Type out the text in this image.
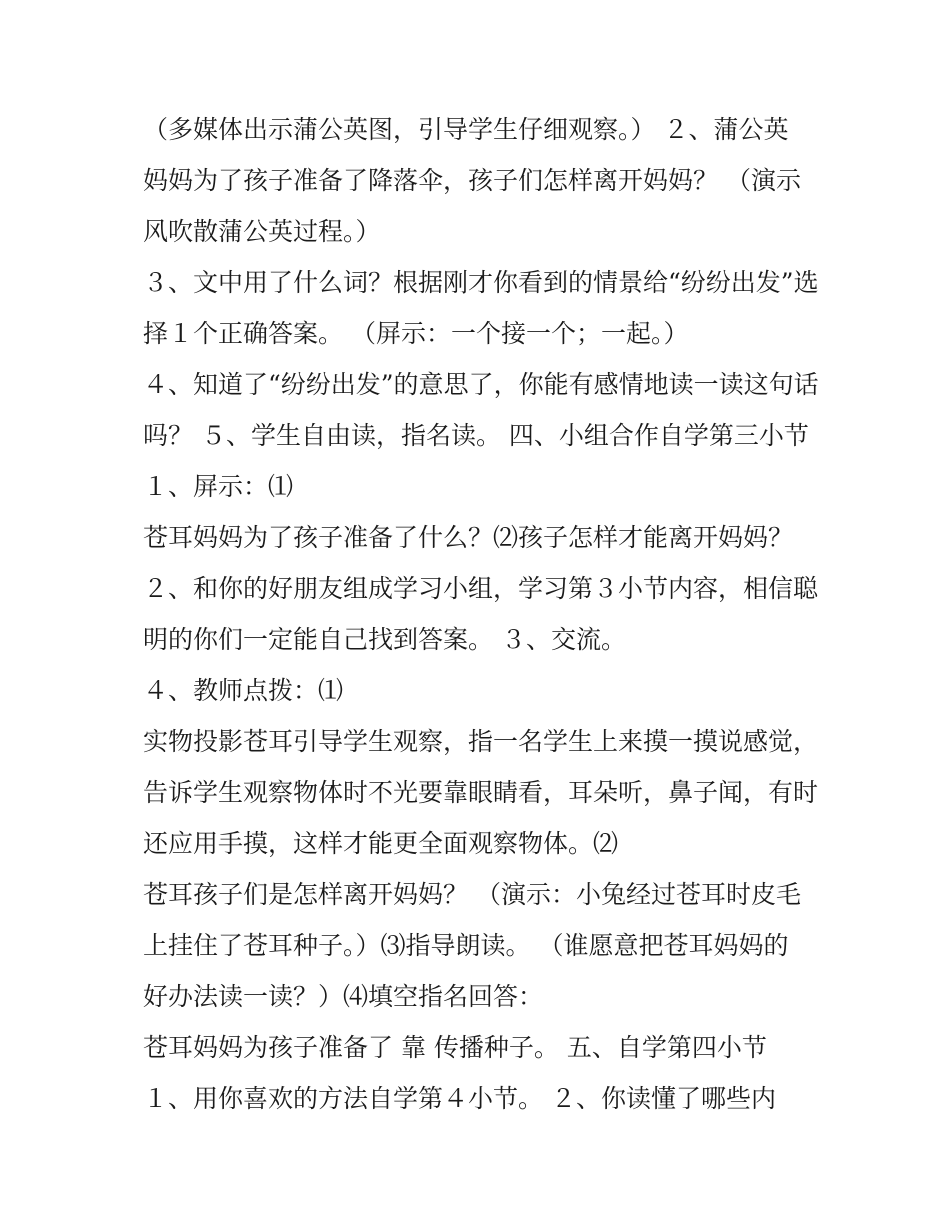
（多媒体出示蒲公英图，引导学生仔细观察。） ２、蒲公英
妈妈为了孩子准备了降落伞，孩子们怎样离开妈妈？ （演示
风吹散蒲公英过程。）
３、文中用了什么词？根据刚才你看到的情景给“纷纷出发”选
择１个正确答案。 （屏示：一个接一个；一起。）
４、知道了“纷纷出发”的意思了，你能有感情地读一读这句话
吗？ ５、学生自由读，指名读。 四、小组合作自学第三小节
１、屏示：⑴
苍耳妈妈为了孩子准备了什么？⑵孩子怎样才能离开妈妈？
２、和你的好朋友组成学习小组，学习第３小节内容，相信聪
明的你们一定能自己找到答案。 ３、交流。
４、教师点拨：⑴
实物投影苍耳引导学生观察，指一名学生上来摸一摸说感觉，
告诉学生观察物体时不光要靠眼睛看，耳朵听，鼻子闻，有时
还应用手摸，这样才能更全面观察物体。⑵
苍耳孩子们是怎样离开妈妈？ （演示：小兔经过苍耳时皮毛
上挂住了苍耳种子。）⑶指导朗读。 （谁愿意把苍耳妈妈的
好办法读一读？）⑷填空指名回答：
苍耳妈妈为孩子准备了 靠 传播种子。 五、自学第四小节
１、用你喜欢的方法自学第４小节。 ２、你读懂了哪些内
